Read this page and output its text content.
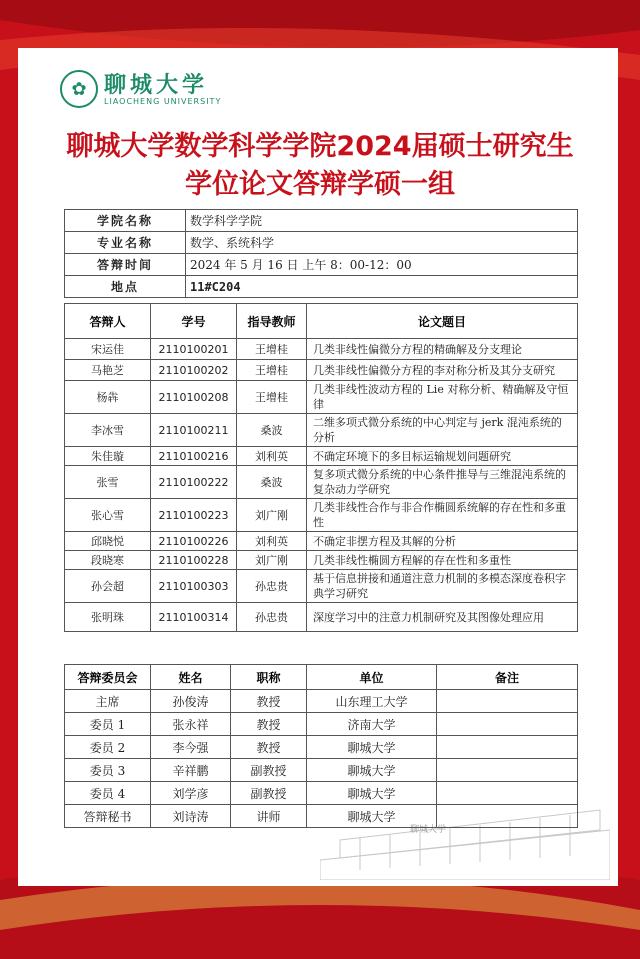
聊城大学
✿ 聊城大学
LIAOCHENG UNIVERSITY
聊城大学数学科学学院2024届硕士研究生
学位论文答辩学硕一组
学院名称	数学科学学院
专业名称	数学、系统科学
答辩时间	2024 年 5 月 16 日 上午 8：00-12：00
地点	11#C204
答辩人	学号	指导教师	论文题目
宋运佳	2110100201	王增桂	几类非线性偏微分方程的精确解及分支理论
马艳芝	2110100202	王增桂	几类非线性偏微分方程的李对称分析及其分支研究
杨犇	2110100208	王增桂	几类非线性波动方程的 Lie 对称分析、精确解及守恒律
李冰雪	2110100211	桑波	二维多项式微分系统的中心判定与 jerk 混沌系统的分析
朱佳璇	2110100216	刘利英	不确定环境下的多目标运输规划问题研究
张雪	2110100222	桑波	复多项式微分系统的中心条件推导与三维混沌系统的复杂动力学研究
张心雪	2110100223	刘广刚	几类非线性合作与非合作椭圆系统解的存在性和多重性
邱晓悦	2110100226	刘利英	不确定非摆方程及其解的分析
段晓寒	2110100228	刘广刚	几类非线性椭圆方程解的存在性和多重性
孙会超	2110100303	孙忠贵	基于信息拼接和通道注意力机制的多模态深度卷积字典学习研究
张明珠	2110100314	孙忠贵	深度学习中的注意力机制研究及其图像处理应用
答辩委员会	姓名	职称	单位	备注
主席	孙俊涛	教授	山东理工大学	
委员 1	张永祥	教授	济南大学	
委员 2	李今强	教授	聊城大学	
委员 3	辛祥鹏	副教授	聊城大学	
委员 4	刘学彦	副教授	聊城大学	
答辩秘书	刘诗涛	讲师	聊城大学	
